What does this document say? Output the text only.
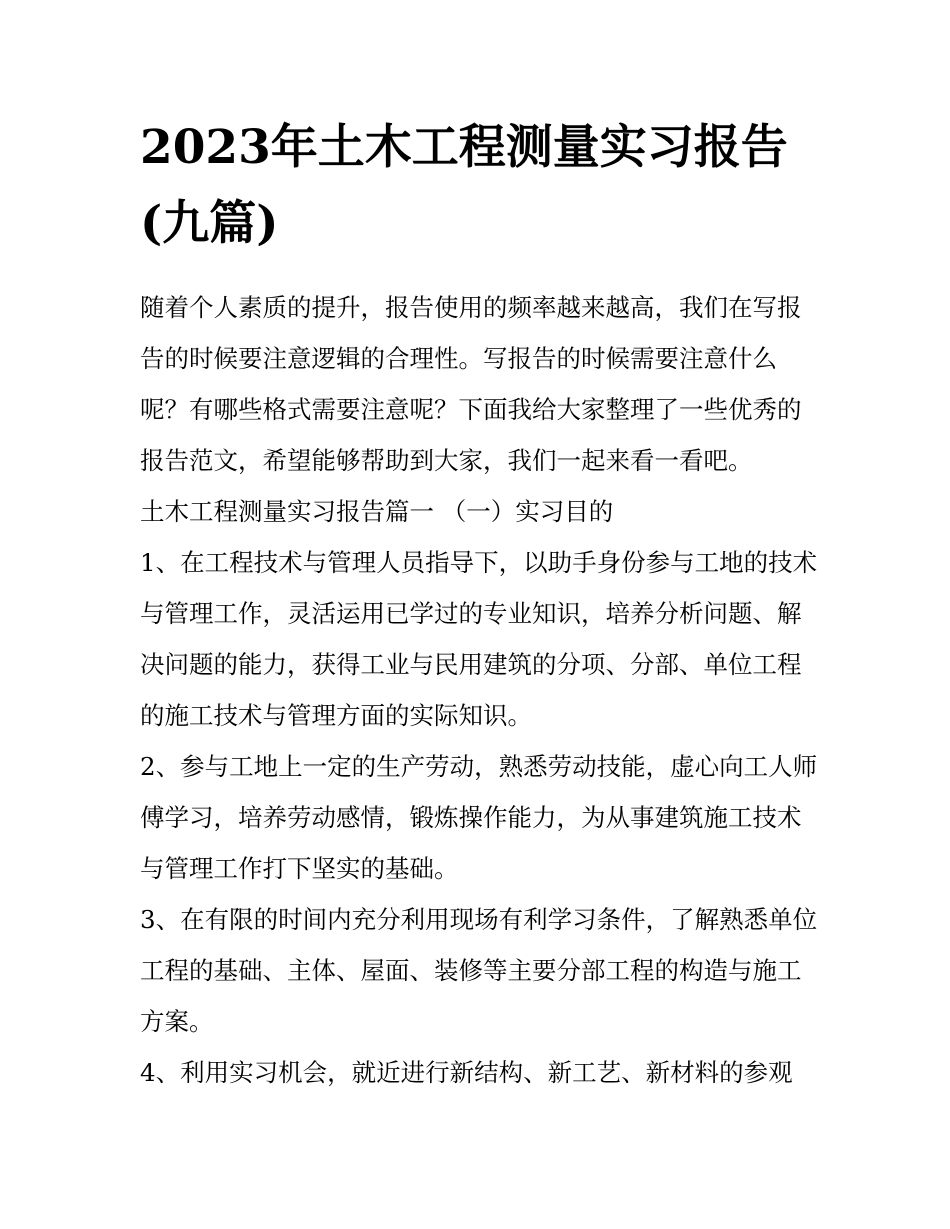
2023年土木工程测量实习报告(九篇)

随着个人素质的提升，报告使用的频率越来越高，我们在写报告的时候要注意逻辑的合理性。写报告的时候需要注意什么呢？有哪些格式需要注意呢？下面我给大家整理了一些优秀的报告范文，希望能够帮助到大家，我们一起来看一看吧。

土木工程测量实习报告篇一 （一）实习目的

1、在工程技术与管理人员指导下，以助手身份参与工地的技术与管理工作，灵活运用已学过的专业知识，培养分析问题、解决问题的能力，获得工业与民用建筑的分项、分部、单位工程的施工技术与管理方面的实际知识。

2、参与工地上一定的生产劳动，熟悉劳动技能，虚心向工人师傅学习，培养劳动感情，锻炼操作能力，为从事建筑施工技术与管理工作打下坚实的基础。

3、在有限的时间内充分利用现场有利学习条件，了解熟悉单位工程的基础、主体、屋面、装修等主要分部工程的构造与施工方案。

4、利用实习机会，就近进行新结构、新工艺、新材料的参观
